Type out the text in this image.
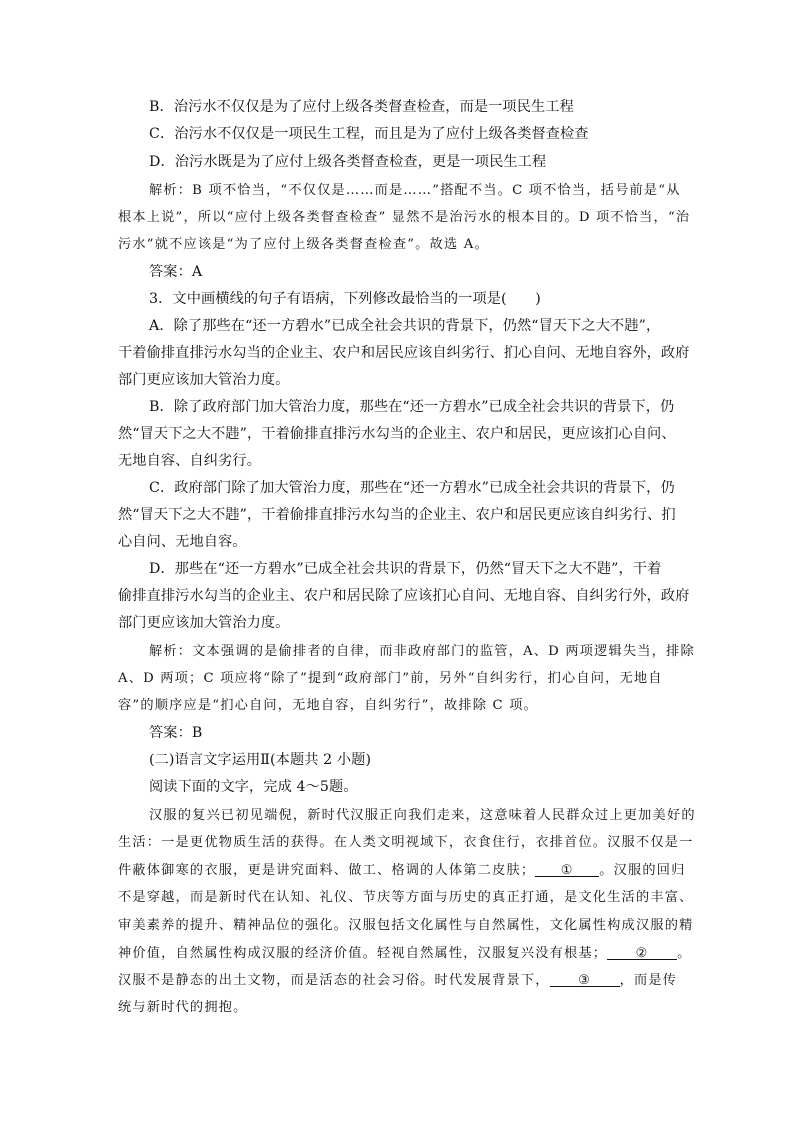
B．治污水不仅仅是为了应付上级各类督查检查，而是一项民生工程

C．治污水不仅仅是一项民生工程，而且是为了应付上级各类督查检查

D．治污水既是为了应付上级各类督查检查，更是一项民生工程

解析：B 项不恰当，“不仅仅是……而是……”搭配不当。C 项不恰当，括号前是“从

根本上说”，所以“应付上级各类督查检查” 显然不是治污水的根本目的。D 项不恰当，“治

污水”就不应该是“为了应付上级各类督查检查”。故选 A。

答案：A

3．文中画横线的句子有语病，下列修改最恰当的一项是(　　)

A．除了那些在“还一方碧水”已成全社会共识的背景下，仍然“冒天下之大不韪”，

干着偷排直排污水勾当的企业主、农户和居民应该自纠劣行、扪心自问、无地自容外，政府

部门更应该加大管治力度。

B．除了政府部门加大管治力度，那些在“还一方碧水”已成全社会共识的背景下，仍

然“冒天下之大不韪”，干着偷排直排污水勾当的企业主、农户和居民，更应该扪心自问、

无地自容、自纠劣行。

C．政府部门除了加大管治力度，那些在“还一方碧水”已成全社会共识的背景下，仍

然“冒天下之大不韪”，干着偷排直排污水勾当的企业主、农户和居民更应该自纠劣行、扪

心自问、无地自容。

D．那些在“还一方碧水”已成全社会共识的背景下，仍然“冒天下之大不韪”，干着

偷排直排污水勾当的企业主、农户和居民除了应该扪心自问、无地自容、自纠劣行外，政府

部门更应该加大管治力度。

解析：文本强调的是偷排者的自律，而非政府部门的监管，A、D 两项逻辑失当，排除

A、D 两项；C 项应将“除了”提到“政府部门”前，另外“自纠劣行，扪心自问，无地自

容”的顺序应是“扪心自问，无地自容，自纠劣行”，故排除 C 项。

答案：B

(二)语言文字运用Ⅱ(本题共 2 小题)

阅读下面的文字，完成 4～5题。

汉服的复兴已初见端倪，新时代汉服正向我们走来，这意味着人民群众过上更加美好的

生活：一是更优物质生活的获得。在人类文明视域下，衣食住行，衣排首位。汉服不仅是一

件蔽体御寒的衣服，更是讲究面料、做工、格调的人体第二皮肤； ① 。汉服的回归

不是穿越，而是新时代在认知、礼仪、节庆等方面与历史的真正打通，是文化生活的丰富、

审美素养的提升、精神品位的强化。汉服包括文化属性与自然属性，文化属性构成汉服的精

神价值，自然属性构成汉服的经济价值。轻视自然属性，汉服复兴没有根基； ② 。

汉服不是静态的出土文物，而是活态的社会习俗。时代发展背景下， ③ ，而是传

统与新时代的拥抱。
